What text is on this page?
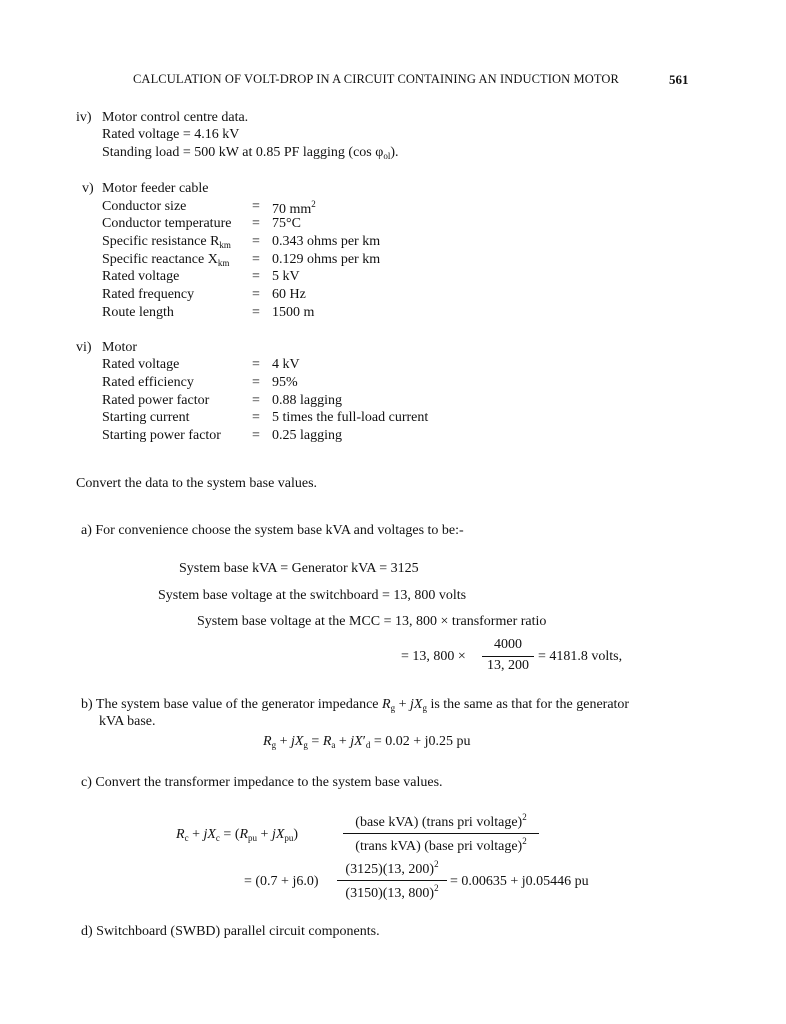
CALCULATION OF VOLT-DROP IN A CIRCUIT CONTAINING AN INDUCTION MOTOR	561
iv) Motor control centre data.
Rated voltage = 4.16 kV
Standing load = 500 kW at 0.85 PF lagging (cos $\varphi_{ol}$).
v) Motor feeder cable
Conductor size	= 70 $mm^2$
Conductor temperature	= 75°C
Specific resistance $R_{km}$	= 0.343 ohms per km
Specific reactance $X_{km}$	= 0.129 ohms per km
Rated voltage	= 5 kV
Rated frequency	= 60 Hz
Route length	= 1500 m
vi) Motor
Rated voltage	= 4 kV
Rated efficiency	= 95%
Rated power factor	= 0.88 lagging
Starting current	= 5 times the full-load current
Starting power factor	= 0.25 lagging
Convert the data to the system base values.
a) For convenience choose the system base kVA and voltages to be:-
System base kVA = Generator kVA = 3125
System base voltage at the switchboard = 13, 800 volts
System base voltage at the MCC = 13, 800 × transformer ratio
= 13, 800 ×
4000
13, 200
= 4181.8 volts,
b) The system base value of the generator impedance $R_g + jX_g$ is the same as that for the generator
kVA base.
$R_g + jX_g = R_a + jX'_d = 0.02 + j0.25$ pu
c) Convert the transformer impedance to the system base values.
$R_c + jX_c = (R_{pu} + jX_{pu})$
(base kVA) (trans pri voltage)$^2$
(trans kVA) (base pri voltage)$^2$
= (0.7 + j6.0)
(3125)(13, 200)$^2$
(3150)(13, 800)$^2$ = 0.00635 + j0.05446 pu
d) Switchboard (SWBD) parallel circuit components.
